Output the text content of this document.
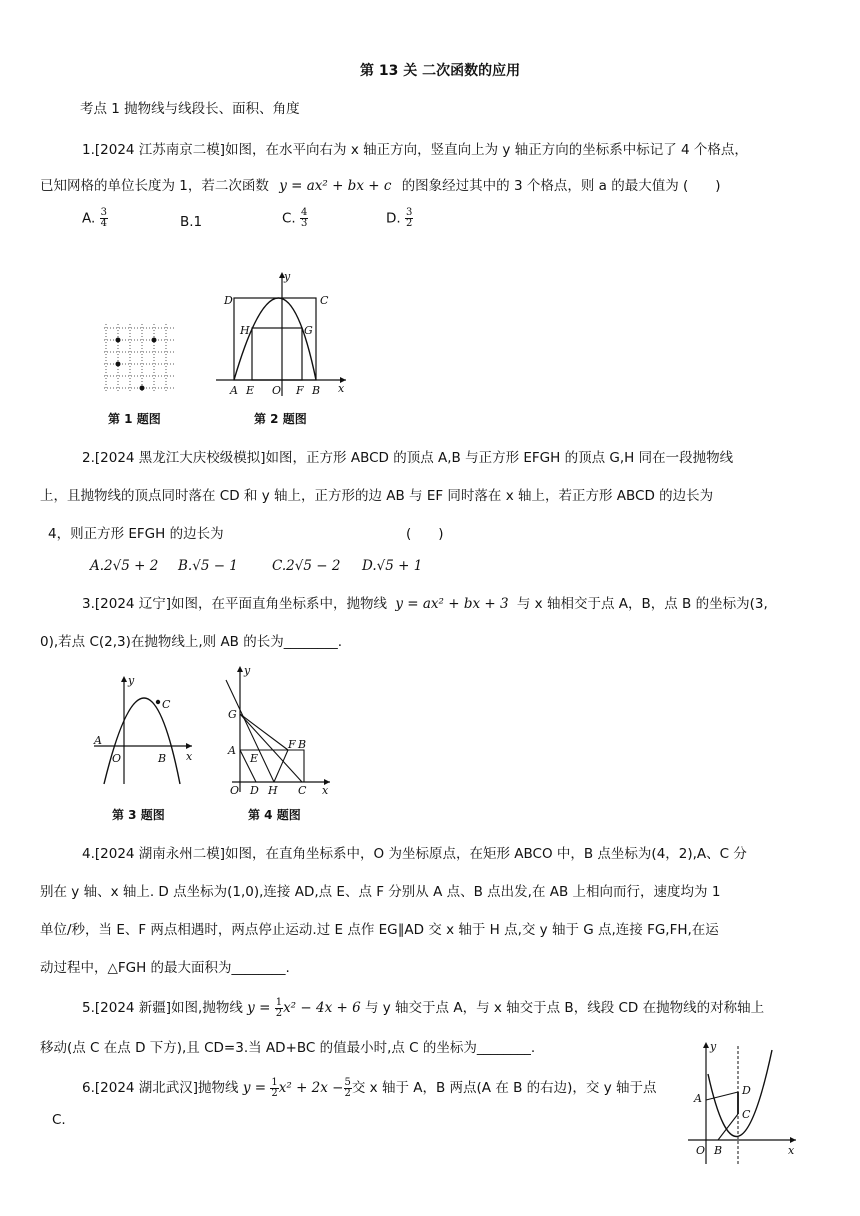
第 13 关 二次函数的应用
考点 1 抛物线与线段长、面积、角度
1.[2024 江苏南京二模]如图，在水平向右为 x 轴正方向，竖直向上为 y 轴正方向的坐标系中标记了 4 个格点，
已知网格的单位长度为 1，若二次函数 y = ax² + bx + c 的图象经过其中的 3 个格点，则 a 的最大值为 (　　)
A. $\frac{3}{4}$	B.1	C. $\frac{4}{3}$	D. $\frac{3}{2}$
第 1 题图
y
x
D	C
H	G
A E O F B
第 2 题图
2.[2024 黑龙江大庆校级模拟]如图，正方形 ABCD 的顶点 A,B 与正方形 EFGH 的顶点 G,H 同在一段抛物线
上，且抛物线的顶点同时落在 CD 和 y 轴上，正方形的边 AB 与 EF 同时落在 x 轴上，若正方形 ABCD 的边长为
4，则正方形 EFGH 的边长为	(　　)
A.2√5 + 2 B.√5 − 1	C.2√5 − 2 D.√5 + 1
3.[2024 辽宁]如图，在平面直角坐标系中，抛物线 y = ax² + bx + 3 与 x 轴相交于点 A，B，点 B 的坐标为(3,
0),若点 C(2,3)在抛物线上,则 AB 的长为________.
y
x
A
O	B
C
第 3 题图
y
x
G
A
E
F B
O D H C
第 4 题图
4.[2024 湖南永州二模]如图，在直角坐标系中，O 为坐标原点，在矩形 ABCO 中，B 点坐标为(4，2),A、C 分
别在 y 轴、x 轴上. D 点坐标为(1,0),连接 AD,点 E、点 F 分别从 A 点、B 点出发,在 AB 上相向而行，速度均为 1
单位/秒，当 E、F 两点相遇时，两点停止运动.过 E 点作 EG∥AD 交 x 轴于 H 点,交 y 轴于 G 点,连接 FG,FH,在运
动过程中，△FGH 的最大面积为________.
5.[2024 新疆]如图,抛物线 $y = \frac{1}{2} x^2 - 4x + 6$ 与 y 轴交于点 A，与 x 轴交于点 B，线段 CD 在抛物线的对称轴上
移动(点 C 在点 D 下方),且 CD=3.当 AD+BC 的值最小时,点 C 的坐标为________.
6.[2024 湖北武汉]抛物线 $y = \frac{1}{2} x^2 + 2x - \frac{5}{2}$ 交 x 轴于 A，B 两点(A 在 B 的右边)，交 y 轴于点
C.
y
x
A
D
C
O B
